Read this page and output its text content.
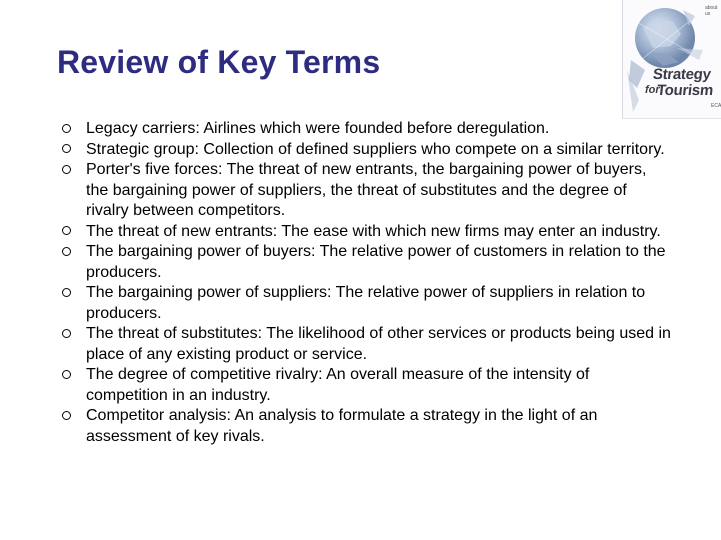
Review of Key Terms
about us
Strategy
for
Tourism
ECA
Legacy carriers: Airlines which were founded before deregulation.
Strategic group: Collection of defined suppliers who compete on a similar territory.
Porter's five forces: The threat of new entrants, the bargaining power of buyers, the bargaining power of suppliers, the threat of substitutes and the degree of rivalry between competitors.
The threat of new entrants: The ease with which new firms may enter an industry.
The bargaining power of buyers: The relative power of customers in relation to the producers.
The bargaining power of suppliers: The relative power of suppliers in relation to producers.
The threat of substitutes: The likelihood of other services or products being used in place of any existing product or service.
The degree of competitive rivalry: An overall measure of the intensity of competition in an industry.
Competitor analysis: An analysis to formulate a strategy in the light of an assessment of key rivals.
